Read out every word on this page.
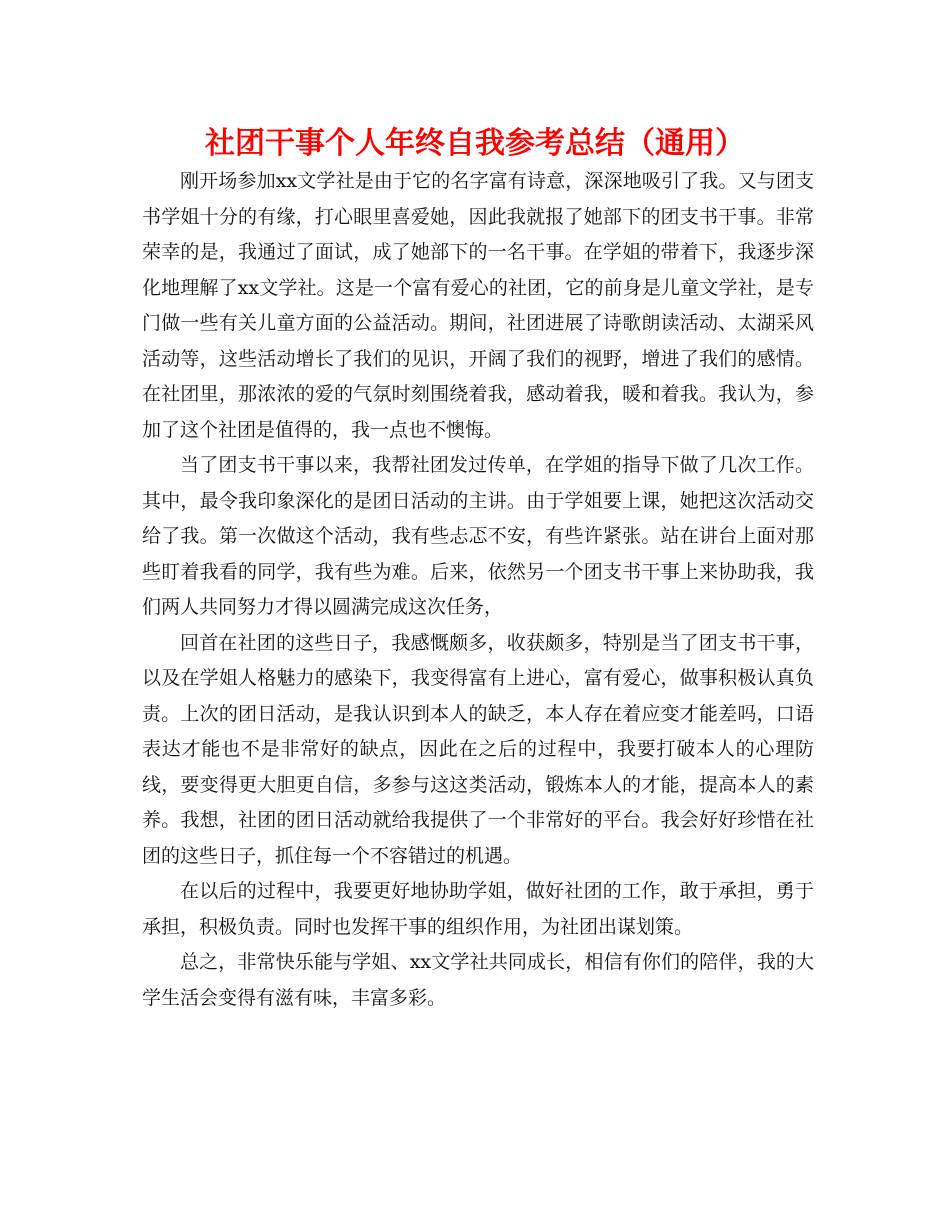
社团干事个人年终自我参考总结（通用）

刚开场参加xx文学社是由于它的名字富有诗意，深深地吸引了我。又与团支书学姐十分的有缘，打心眼里喜爱她，因此我就报了她部下的团支书干事。非常荣幸的是，我通过了面试，成了她部下的一名干事。在学姐的带着下，我逐步深化地理解了xx文学社。这是一个富有爱心的社团，它的前身是儿童文学社，是专门做一些有关儿童方面的公益活动。期间，社团进展了诗歌朗读活动、太湖采风活动等，这些活动增长了我们的见识，开阔了我们的视野，增进了我们的感情。在社团里，那浓浓的爱的气氛时刻围绕着我，感动着我，暖和着我。我认为，参加了这个社团是值得的，我一点也不懊悔。

当了团支书干事以来，我帮社团发过传单，在学姐的指导下做了几次工作。其中，最令我印象深化的是团日活动的主讲。由于学姐要上课，她把这次活动交给了我。第一次做这个活动，我有些忐忑不安，有些许紧张。站在讲台上面对那些盯着我看的同学，我有些为难。后来，依然另一个团支书干事上来协助我，我们两人共同努力才得以圆满完成这次任务，

回首在社团的这些日子，我感慨颇多，收获颇多，特别是当了团支书干事，以及在学姐人格魅力的感染下，我变得富有上进心，富有爱心，做事积极认真负责。上次的团日活动，是我认识到本人的缺乏，本人存在着应变才能差吗，口语表达才能也不是非常好的缺点，因此在之后的过程中，我要打破本人的心理防线，要变得更大胆更自信，多参与这这类活动，锻炼本人的才能，提高本人的素养。我想，社团的团日活动就给我提供了一个非常好的平台。我会好好珍惜在社团的这些日子，抓住每一个不容错过的机遇。

在以后的过程中，我要更好地协助学姐，做好社团的工作，敢于承担，勇于承担，积极负责。同时也发挥干事的组织作用，为社团出谋划策。

总之，非常快乐能与学姐、xx文学社共同成长，相信有你们的陪伴，我的大学生活会变得有滋有味，丰富多彩。
